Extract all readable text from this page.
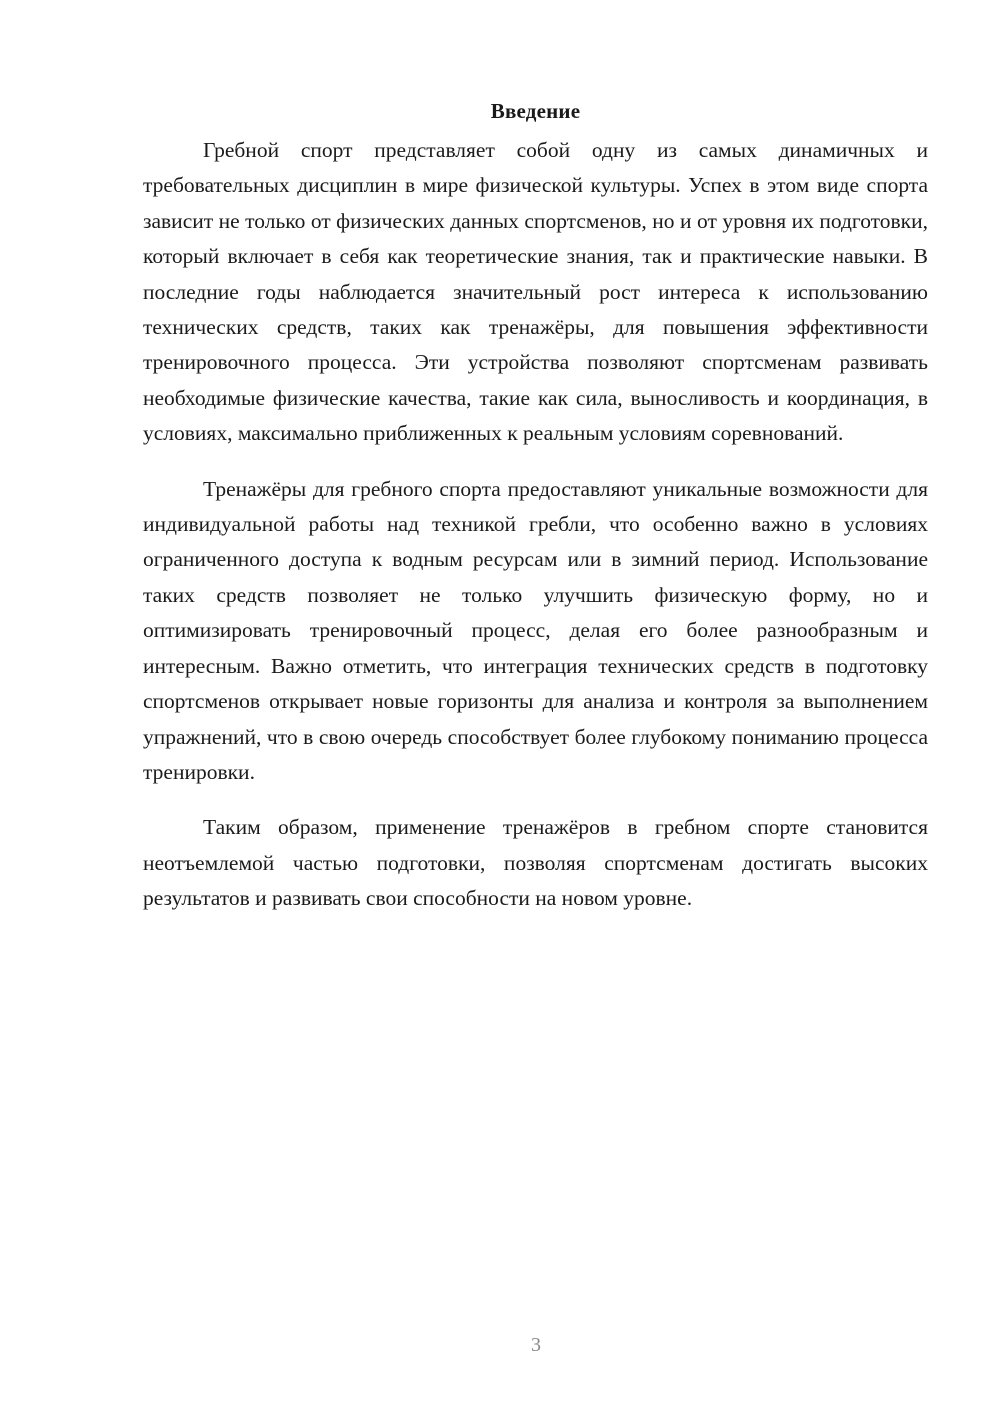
Введение

Гребной спорт представляет собой одну из самых динамичных и требовательных дисциплин в мире физической культуры. Успех в этом виде спорта зависит не только от физических данных спортсменов, но и от уровня их подготовки, который включает в себя как теоретические знания, так и практические навыки. В последние годы наблюдается значительный рост интереса к использованию технических средств, таких как тренажёры, для повышения эффективности тренировочного процесса. Эти устройства позволяют спортсменам развивать необходимые физические качества, такие как сила, выносливость и координация, в условиях, максимально приближенных к реальным условиям соревнований.

Тренажёры для гребного спорта предоставляют уникальные возможности для индивидуальной работы над техникой гребли, что особенно важно в условиях ограниченного доступа к водным ресурсам или в зимний период. Использование таких средств позволяет не только улучшить физическую форму, но и оптимизировать тренировочный процесс, делая его более разнообразным и интересным. Важно отметить, что интеграция технических средств в подготовку спортсменов открывает новые горизонты для анализа и контроля за выполнением упражнений, что в свою очередь способствует более глубокому пониманию процесса тренировки.

Таким образом, применение тренажёров в гребном спорте становится неотъемлемой частью подготовки, позволяя спортсменам достигать высоких результатов и развивать свои способности на новом уровне.

3
